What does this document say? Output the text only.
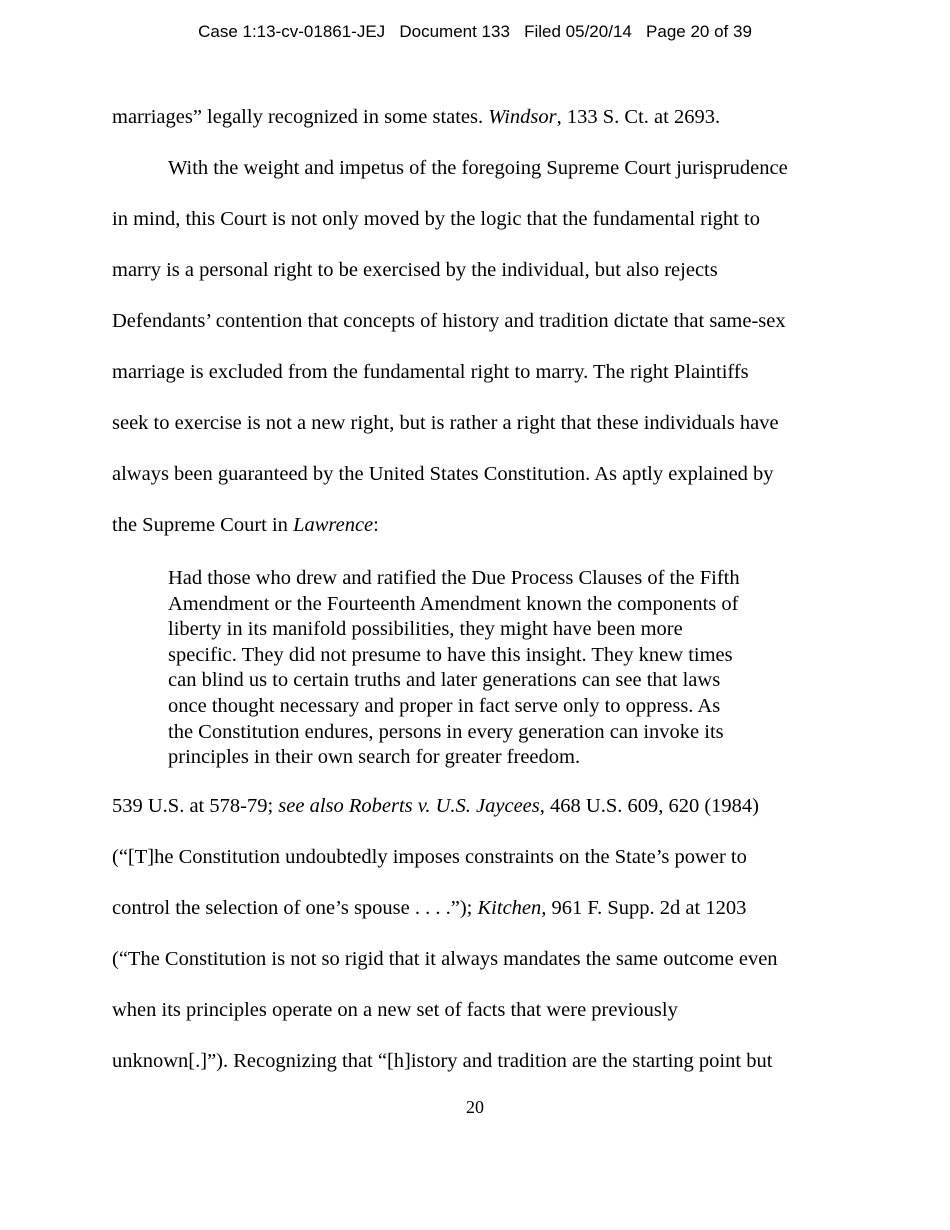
Case 1:13-cv-01861-JEJ Document 133 Filed 05/20/14 Page 20 of 39
marriages” legally recognized in some states. Windsor, 133 S. Ct. at 2693.
With the weight and impetus of the foregoing Supreme Court jurisprudence
in mind, this Court is not only moved by the logic that the fundamental right to
marry is a personal right to be exercised by the individual, but also rejects
Defendants’ contention that concepts of history and tradition dictate that same-sex
marriage is excluded from the fundamental right to marry. The right Plaintiffs
seek to exercise is not a new right, but is rather a right that these individuals have
always been guaranteed by the United States Constitution. As aptly explained by
the Supreme Court in Lawrence:
Had those who drew and ratified the Due Process Clauses of the Fifth
Amendment or the Fourteenth Amendment known the components of
liberty in its manifold possibilities, they might have been more
specific. They did not presume to have this insight. They knew times
can blind us to certain truths and later generations can see that laws
once thought necessary and proper in fact serve only to oppress. As
the Constitution endures, persons in every generation can invoke its
principles in their own search for greater freedom.
539 U.S. at 578-79; see also Roberts v. U.S. Jaycees, 468 U.S. 609, 620 (1984)
(“[T]he Constitution undoubtedly imposes constraints on the State’s power to
control the selection of one’s spouse . . . .”); Kitchen, 961 F. Supp. 2d at 1203
(“The Constitution is not so rigid that it always mandates the same outcome even
when its principles operate on a new set of facts that were previously
unknown[.]”). Recognizing that “[h]istory and tradition are the starting point but
20
